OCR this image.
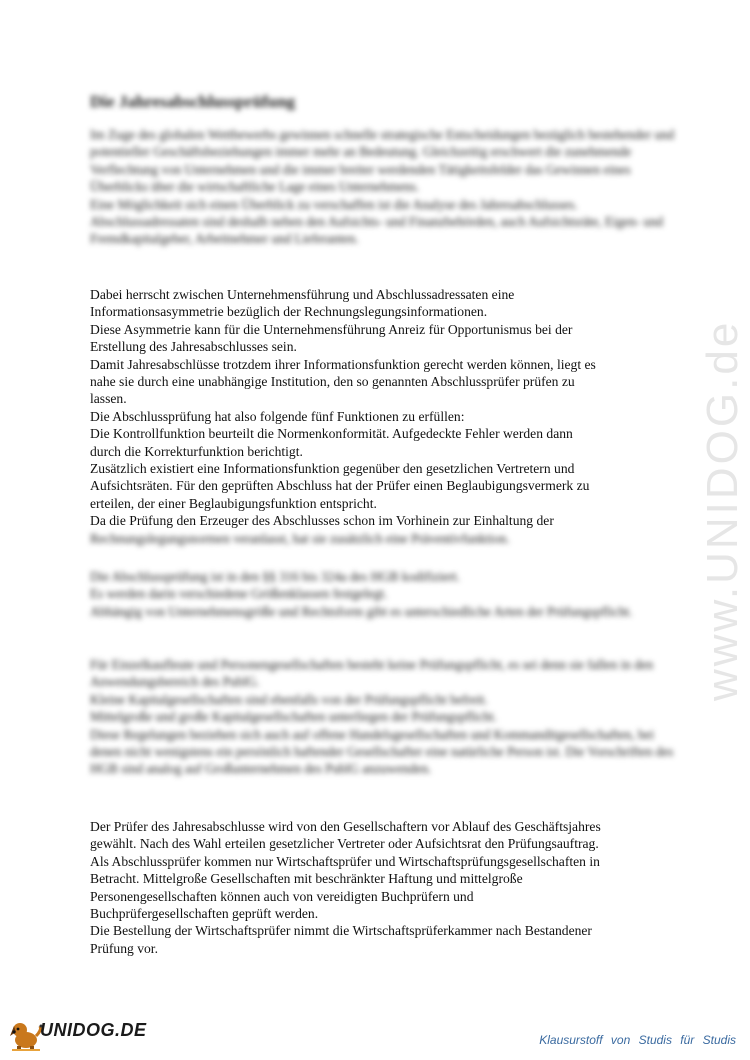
Die Jahresabschlussprüfung

Im Zuge des globalen Wettbewerbs gewinnen schnelle strategische Entscheidungen bezüglich bestehender und potentieller Geschäftsbeziehungen immer mehr an Bedeutung. Gleichzeitig erschwert die zunehmende Verflechtung von Unternehmen und die immer breiter werdenden Tätigkeitsfelder das Gewinnen eines Überblicks über die wirtschaftliche Lage eines Unternehmens.

Eine Möglichkeit sich einen Überblick zu verschaffen ist die Analyse des Jahresabschlusses. Abschlussadressaten sind deshalb neben den Aufsichts- und Finanzbehörden, auch Aufsichtsräte, Eigen- und Fremdkapitalgeber, Arbeitnehmer und Lieferanten.

Dabei herrscht zwischen Unternehmensführung und Abschlussadressaten eine

Informationsasymmetrie bezüglich der Rechnungslegungsinformationen.

Diese Asymmetrie kann für die Unternehmensführung Anreiz für Opportunismus bei der

Erstellung des Jahresabschlusses sein.

Damit Jahresabschlüsse trotzdem ihrer Informationsfunktion gerecht werden können, liegt es

nahe sie durch eine unabhängige Institution, den so genannten Abschlussprüfer prüfen zu

lassen.

Die Abschlussprüfung hat also folgende fünf Funktionen zu erfüllen:

Die Kontrollfunktion beurteilt die Normenkonformität. Aufgedeckte Fehler werden dann

durch die Korrekturfunktion berichtigt.

Zusätzlich existiert eine Informationsfunktion gegenüber den gesetzlichen Vertretern und

Aufsichtsräten. Für den geprüften Abschluss hat der Prüfer einen Beglaubigungsvermerk zu

erteilen, der einer Beglaubigungsfunktion entspricht.

Da die Prüfung den Erzeuger des Abschlusses schon im Vorhinein zur Einhaltung der

Rechnungslegungsnormen veranlasst, hat sie zusätzlich eine Präventivfunktion.

Die Abschlussprüfung ist in den §§ 316 bis 324a des HGB kodifiziert.

Es werden darin verschiedene Größenklassen festgelegt.

Abhängig von Unternehmensgröße und Rechtsform gibt es unterschiedliche Arten der Prüfungspflicht.

Für Einzelkaufleute und Personengesellschaften besteht keine Prüfungspflicht, es sei denn sie fallen in den Anwendungsbereich des PublG.

Kleine Kapitalgesellschaften sind ebenfalls von der Prüfungspflicht befreit.

Mittelgroße und große Kapitalgesellschaften unterliegen der Prüfungspflicht.

Diese Regelungen beziehen sich auch auf offene Handelsgesellschaften und Kommanditgesellschaften, bei denen nicht wenigstens ein persönlich haftender Gesellschafter eine natürliche Person ist. Die Vorschriften des HGB sind analog auf Großunternehmen des PublG anzuwenden.

Der Prüfer des Jahresabschlusse wird von den Gesellschaftern vor Ablauf des Geschäftsjahres

gewählt. Nach des Wahl erteilen gesetzlicher Vertreter oder Aufsichtsrat den Prüfungsauftrag.

Als Abschlussprüfer kommen nur Wirtschaftsprüfer und Wirtschaftsprüfungsgesellschaften in

Betracht. Mittelgroße Gesellschaften mit beschränkter Haftung und mittelgroße

Personengesellschaften können auch von vereidigten Buchprüfern und

Buchprüfergesellschaften geprüft werden.

Die Bestellung der Wirtschaftsprüfer nimmt die Wirtschaftsprüferkammer nach Bestandener

Prüfung vor.

www.UNIDOG.de
UNIDOG.DE	Klausurstoff von Studis für Studis
